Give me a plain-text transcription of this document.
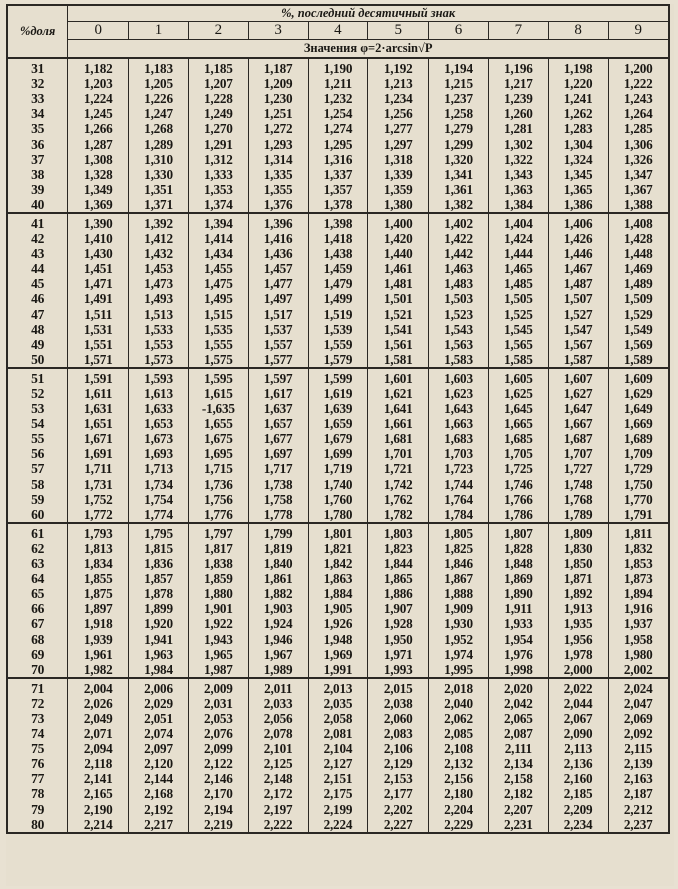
%доля	%, последний десятичный знак									
	0	1	2	3	4	5	6	7	8	9
	Значения φ=2·arcsin√P									
31	1,182	1,183	1,185	1,187	1,190	1,192	1,194	1,196	1,198	1,200
32	1,203	1,205	1,207	1,209	1,211	1,213	1,215	1,217	1,220	1,222
33	1,224	1,226	1,228	1,230	1,232	1,234	1,237	1,239	1,241	1,243
34	1,245	1,247	1,249	1,251	1,254	1,256	1,258	1,260	1,262	1,264
35	1,266	1,268	1,270	1,272	1,274	1,277	1,279	1,281	1,283	1,285
36	1,287	1,289	1,291	1,293	1,295	1,297	1,299	1,302	1,304	1,306
37	1,308	1,310	1,312	1,314	1,316	1,318	1,320	1,322	1,324	1,326
38	1,328	1,330	1,333	1,335	1,337	1,339	1,341	1,343	1,345	1,347
39	1,349	1,351	1,353	1,355	1,357	1,359	1,361	1,363	1,365	1,367
40	1,369	1,371	1,374	1,376	1,378	1,380	1,382	1,384	1,386	1,388
41	1,390	1,392	1,394	1,396	1,398	1,400	1,402	1,404	1,406	1,408
42	1,410	1,412	1,414	1,416	1,418	1,420	1,422	1,424	1,426	1,428
43	1,430	1,432	1,434	1,436	1,438	1,440	1,442	1,444	1,446	1,448
44	1,451	1,453	1,455	1,457	1,459	1,461	1,463	1,465	1,467	1,469
45	1,471	1,473	1,475	1,477	1,479	1,481	1,483	1,485	1,487	1,489
46	1,491	1,493	1,495	1,497	1,499	1,501	1,503	1,505	1,507	1,509
47	1,511	1,513	1,515	1,517	1,519	1,521	1,523	1,525	1,527	1,529
48	1,531	1,533	1,535	1,537	1,539	1,541	1,543	1,545	1,547	1,549
49	1,551	1,553	1,555	1,557	1,559	1,561	1,563	1,565	1,567	1,569
50	1,571	1,573	1,575	1,577	1,579	1,581	1,583	1,585	1,587	1,589
51	1,591	1,593	1,595	1,597	1,599	1,601	1,603	1,605	1,607	1,609
52	1,611	1,613	1,615	1,617	1,619	1,621	1,623	1,625	1,627	1,629
53	1,631	1,633	-1,635	1,637	1,639	1,641	1,643	1,645	1,647	1,649
54	1,651	1,653	1,655	1,657	1,659	1,661	1,663	1,665	1,667	1,669
55	1,671	1,673	1,675	1,677	1,679	1,681	1,683	1,685	1,687	1,689
56	1,691	1,693	1,695	1,697	1,699	1,701	1,703	1,705	1,707	1,709
57	1,711	1,713	1,715	1,717	1,719	1,721	1,723	1,725	1,727	1,729
58	1,731	1,734	1,736	1,738	1,740	1,742	1,744	1,746	1,748	1,750
59	1,752	1,754	1,756	1,758	1,760	1,762	1,764	1,766	1,768	1,770
60	1,772	1,774	1,776	1,778	1,780	1,782	1,784	1,786	1,789	1,791
61	1,793	1,795	1,797	1,799	1,801	1,803	1,805	1,807	1,809	1,811
62	1,813	1,815	1,817	1,819	1,821	1,823	1,825	1,828	1,830	1,832
63	1,834	1,836	1,838	1,840	1,842	1,844	1,846	1,848	1,850	1,853
64	1,855	1,857	1,859	1,861	1,863	1,865	1,867	1,869	1,871	1,873
65	1,875	1,878	1,880	1,882	1,884	1,886	1,888	1,890	1,892	1,894
66	1,897	1,899	1,901	1,903	1,905	1,907	1,909	1,911	1,913	1,916
67	1,918	1,920	1,922	1,924	1,926	1,928	1,930	1,933	1,935	1,937
68	1,939	1,941	1,943	1,946	1,948	1,950	1,952	1,954	1,956	1,958
69	1,961	1,963	1,965	1,967	1,969	1,971	1,974	1,976	1,978	1,980
70	1,982	1,984	1,987	1,989	1,991	1,993	1,995	1,998	2,000	2,002
71	2,004	2,006	2,009	2,011	2,013	2,015	2,018	2,020	2,022	2,024
72	2,026	2,029	2,031	2,033	2,035	2,038	2,040	2,042	2,044	2,047
73	2,049	2,051	2,053	2,056	2,058	2,060	2,062	2,065	2,067	2,069
74	2,071	2,074	2,076	2,078	2,081	2,083	2,085	2,087	2,090	2,092
75	2,094	2,097	2,099	2,101	2,104	2,106	2,108	2,111	2,113	2,115
76	2,118	2,120	2,122	2,125	2,127	2,129	2,132	2,134	2,136	2,139
77	2,141	2,144	2,146	2,148	2,151	2,153	2,156	2,158	2,160	2,163
78	2,165	2,168	2,170	2,172	2,175	2,177	2,180	2,182	2,185	2,187
79	2,190	2,192	2,194	2,197	2,199	2,202	2,204	2,207	2,209	2,212
80	2,214	2,217	2,219	2,222	2,224	2,227	2,229	2,231	2,234	2,237
